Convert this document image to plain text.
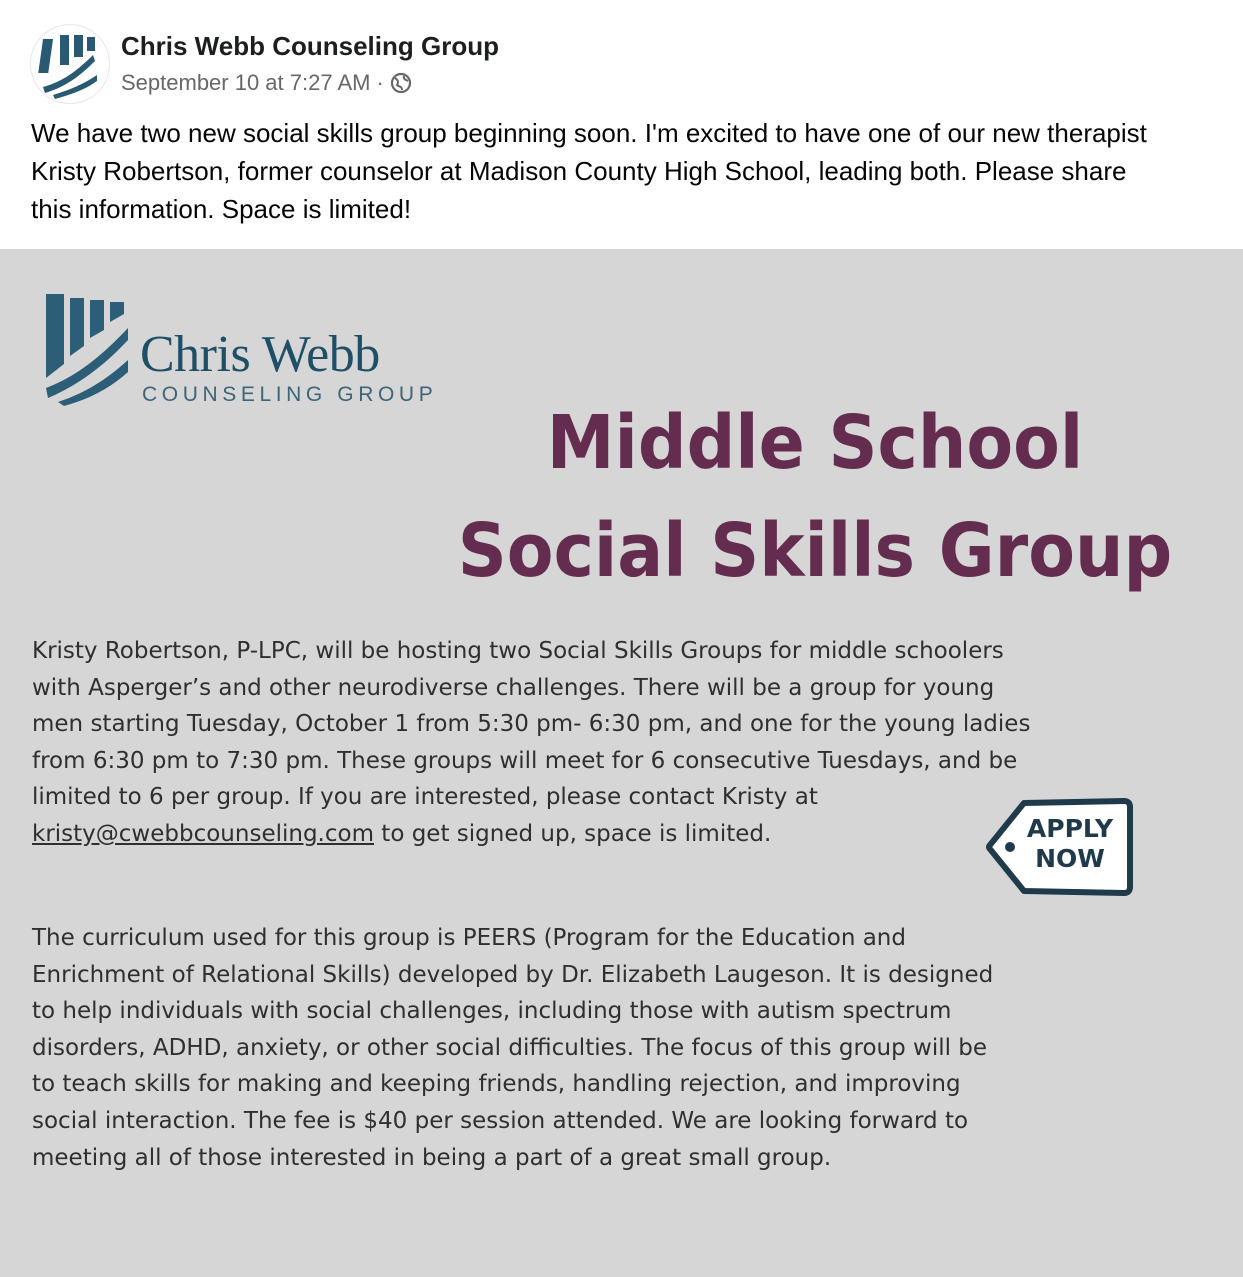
Chris Webb Counseling Group
September 10 at 7:27 AM ·
We have two new social skills group beginning soon. I'm excited to have one of our new therapist
Kristy Robertson, former counselor at Madison County High School, leading both. Please share
this information. Space is limited!
Chris Webb
COUNSELING GROUP
Middle School
Social Skills Group
Kristy Robertson, P-LPC, will be hosting two Social Skills Groups for middle schoolers
with Asperger’s and other neurodiverse challenges. There will be a group for young
men starting Tuesday, October 1 from 5:30 pm- 6:30 pm, and one for the young ladies
from 6:30 pm to 7:30 pm. These groups will meet for 6 consecutive Tuesdays, and be
limited to 6 per group. If you are interested, please contact Kristy at
kristy@cwebbcounseling.com to get signed up, space is limited.	APPLY
NOW
The curriculum used for this group is PEERS (Program for the Education and
Enrichment of Relational Skills) developed by Dr. Elizabeth Laugeson. It is designed
to help individuals with social challenges, including those with autism spectrum
disorders, ADHD, anxiety, or other social difficulties. The focus of this group will be
to teach skills for making and keeping friends, handling rejection, and improving
social interaction. The fee is $40 per session attended. We are looking forward to
meeting all of those interested in being a part of a great small group.
